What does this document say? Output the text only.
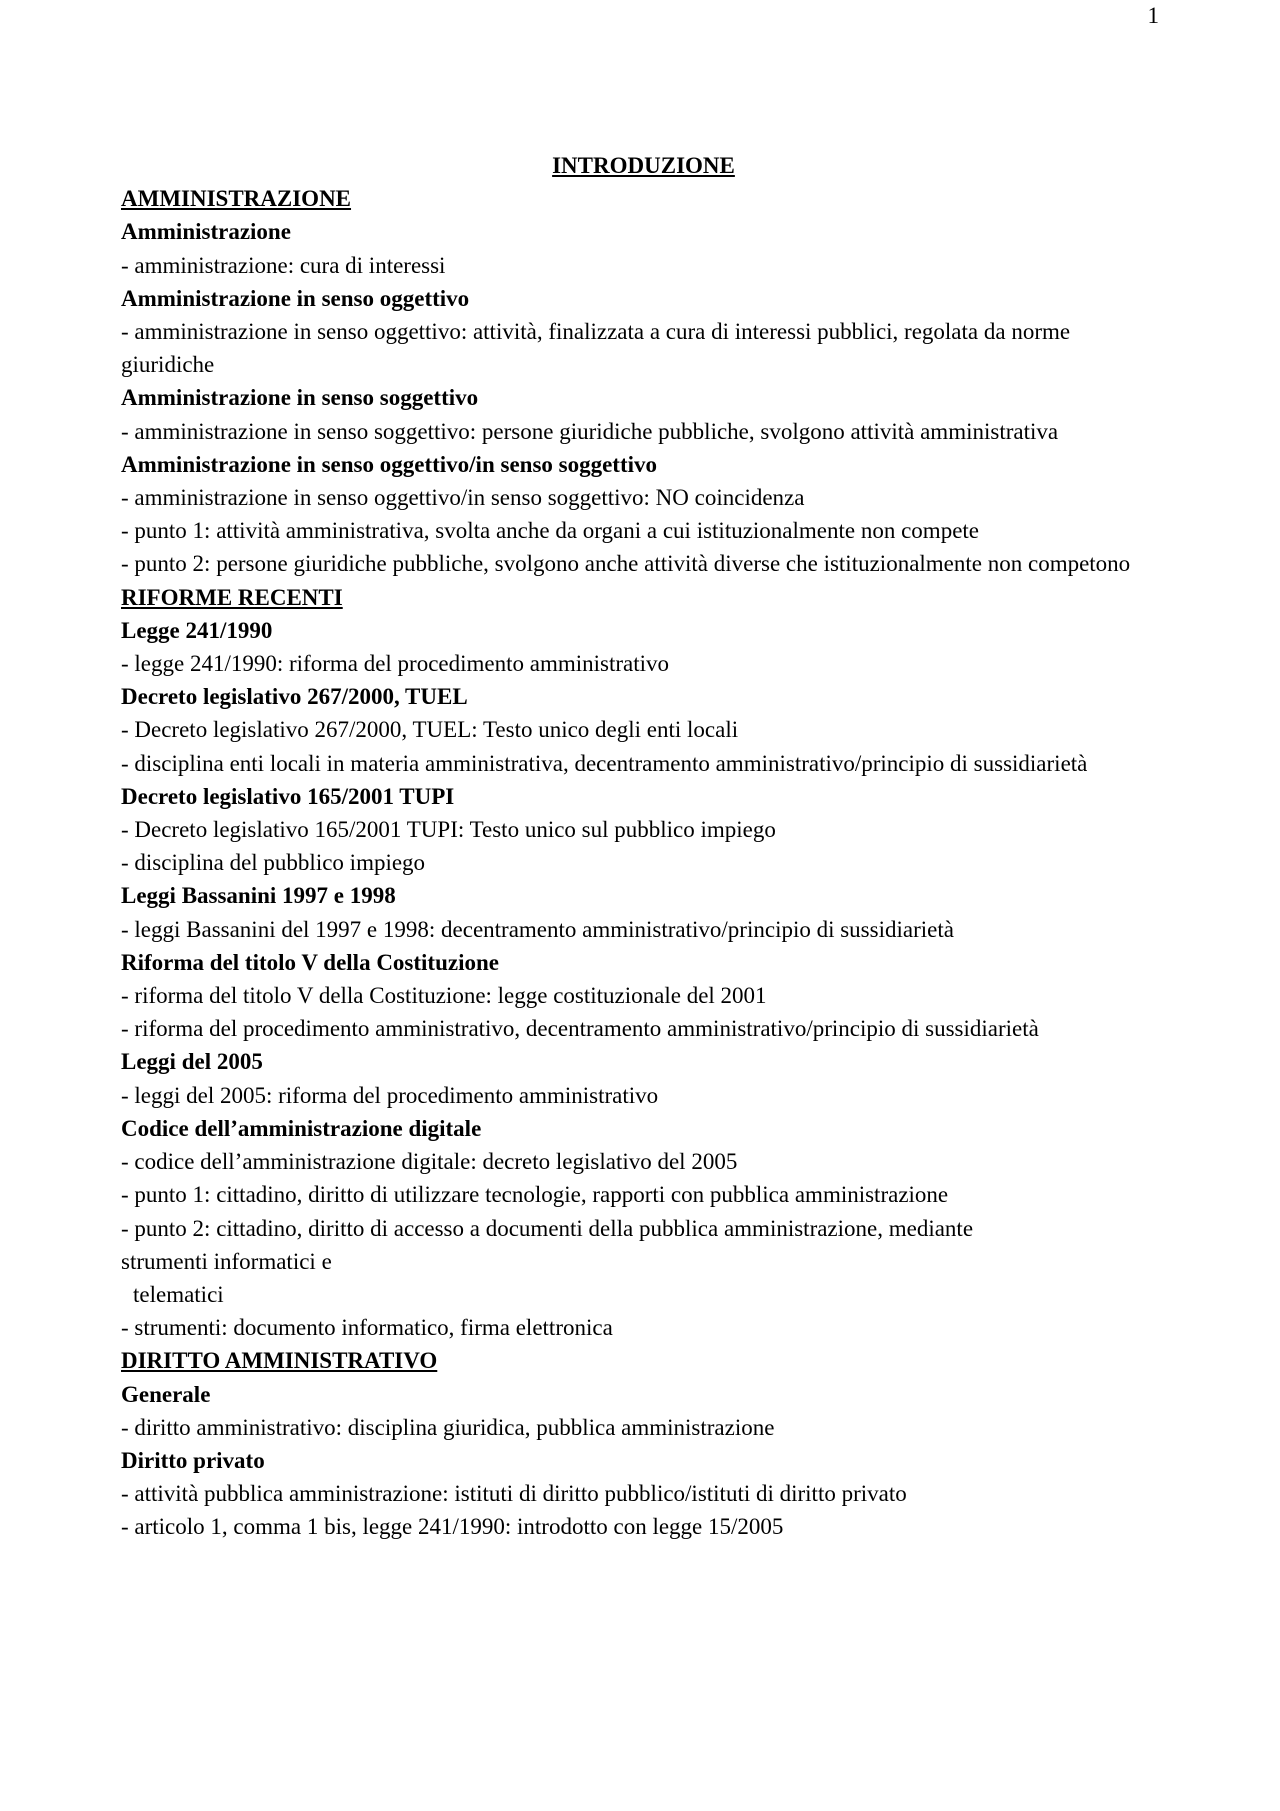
1

INTRODUZIONE

AMMINISTRAZIONE

Amministrazione

- amministrazione: cura di interessi

Amministrazione in senso oggettivo

- amministrazione in senso oggettivo: attività, finalizzata a cura di interessi pubblici, regolata da norme giuridiche

Amministrazione in senso soggettivo

- amministrazione in senso soggettivo: persone giuridiche pubbliche, svolgono attività amministrativa

Amministrazione in senso oggettivo/in senso soggettivo

- amministrazione in senso oggettivo/in senso soggettivo: NO coincidenza

- punto 1: attività amministrativa, svolta anche da organi a cui istituzionalmente non compete

- punto 2: persone giuridiche pubbliche, svolgono anche attività diverse che istituzionalmente non competono

RIFORME RECENTI

Legge 241/1990

- legge 241/1990: riforma del procedimento amministrativo

Decreto legislativo 267/2000, TUEL

- Decreto legislativo 267/2000, TUEL: Testo unico degli enti locali

- disciplina enti locali in materia amministrativa, decentramento amministrativo/principio di sussidiarietà

Decreto legislativo 165/2001 TUPI

- Decreto legislativo 165/2001 TUPI: Testo unico sul pubblico impiego

- disciplina del pubblico impiego

Leggi Bassanini 1997 e 1998

- leggi Bassanini del 1997 e 1998: decentramento amministrativo/principio di sussidiarietà

Riforma del titolo V della Costituzione

- riforma del titolo V della Costituzione: legge costituzionale del 2001

- riforma del procedimento amministrativo, decentramento amministrativo/principio di sussidiarietà

Leggi del 2005

- leggi del 2005: riforma del procedimento amministrativo

Codice dell’amministrazione digitale

- codice dell’amministrazione digitale: decreto legislativo del 2005

- punto 1: cittadino, diritto di utilizzare tecnologie, rapporti con pubblica amministrazione

- punto 2: cittadino, diritto di accesso a documenti della pubblica amministrazione, mediante

strumenti informatici e

telematici

- strumenti: documento informatico, firma elettronica

DIRITTO AMMINISTRATIVO

Generale

- diritto amministrativo: disciplina giuridica, pubblica amministrazione

Diritto privato

- attività pubblica amministrazione: istituti di diritto pubblico/istituti di diritto privato

- articolo 1, comma 1 bis, legge 241/1990: introdotto con legge 15/2005
